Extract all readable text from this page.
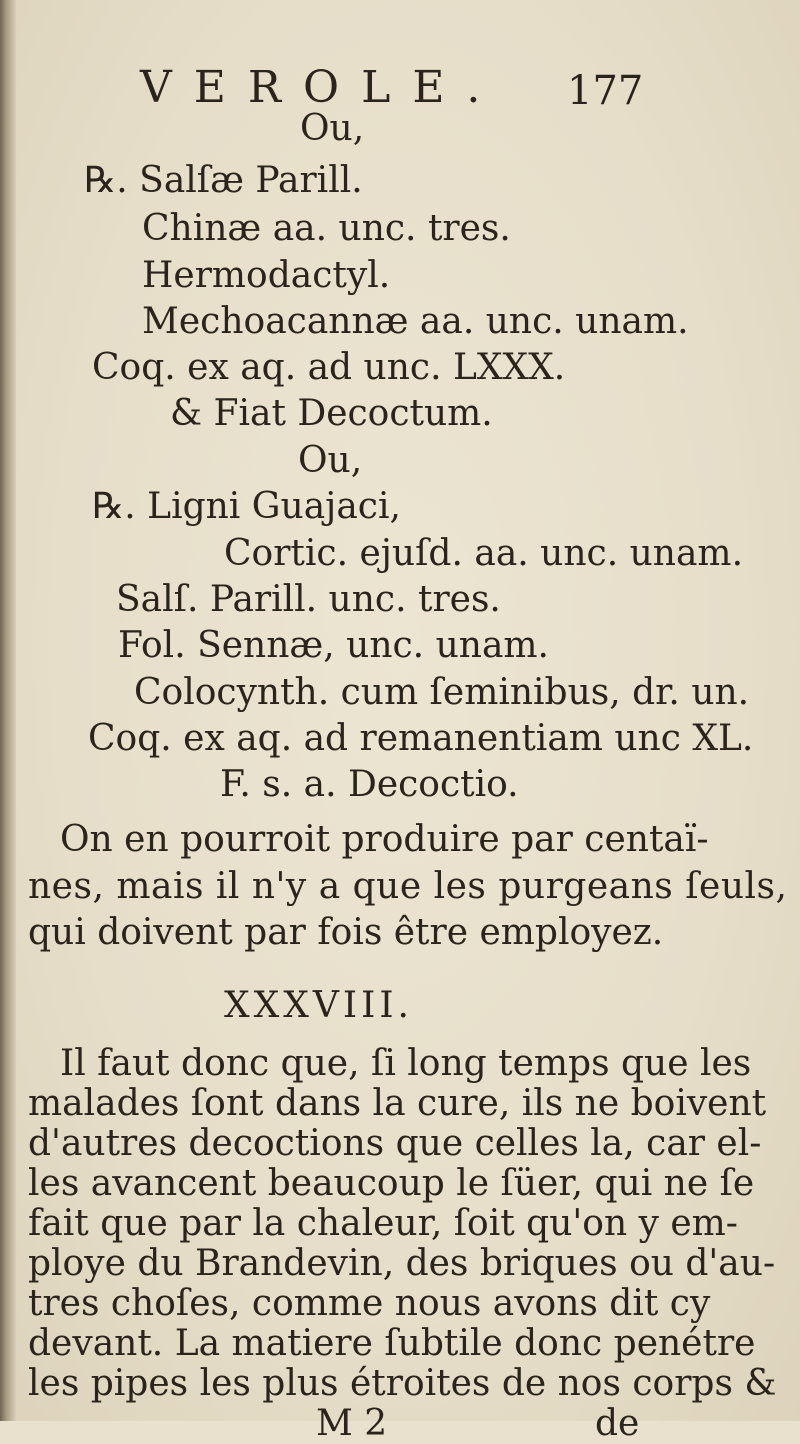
VEROLE. 177
Ou,
℞. Salſæ Parill.
Chinæ aa. unc. tres.
Hermodactyl.
Mechoacannæ aa. unc. unam.
Coq. ex aq. ad unc. LXXX.
& Fiat Decoctum.
Ou,
℞. Ligni Guajaci,
Cortic. ejuſd. aa. unc. unam.
Salſ. Parill. unc. tres.
Fol. Sennæ, unc. unam.
Colocynth. cum ſeminibus, dr. un.
Coq. ex aq. ad remanentiam unc XL.
F. s. a. Decoctio.
On en pourroit produire par centaï-
nes, mais il n'y a que les purgeans ſeuls,
qui doivent par fois être employez.
XXXVIII.
Il faut donc que, ſi long temps que les
malades ſont dans la cure, ils ne boivent
d'autres decoctions que celles la, car el-
les avancent beaucoup le ſüer, qui ne ſe
fait que par la chaleur, ſoit qu'on y em-
ploye du Brandevin, des briques ou d'au-
tres choſes, comme nous avons dit cy
devant. La matiere ſubtile donc penétre
les pipes les plus étroites de nos corps &
M 2	de
